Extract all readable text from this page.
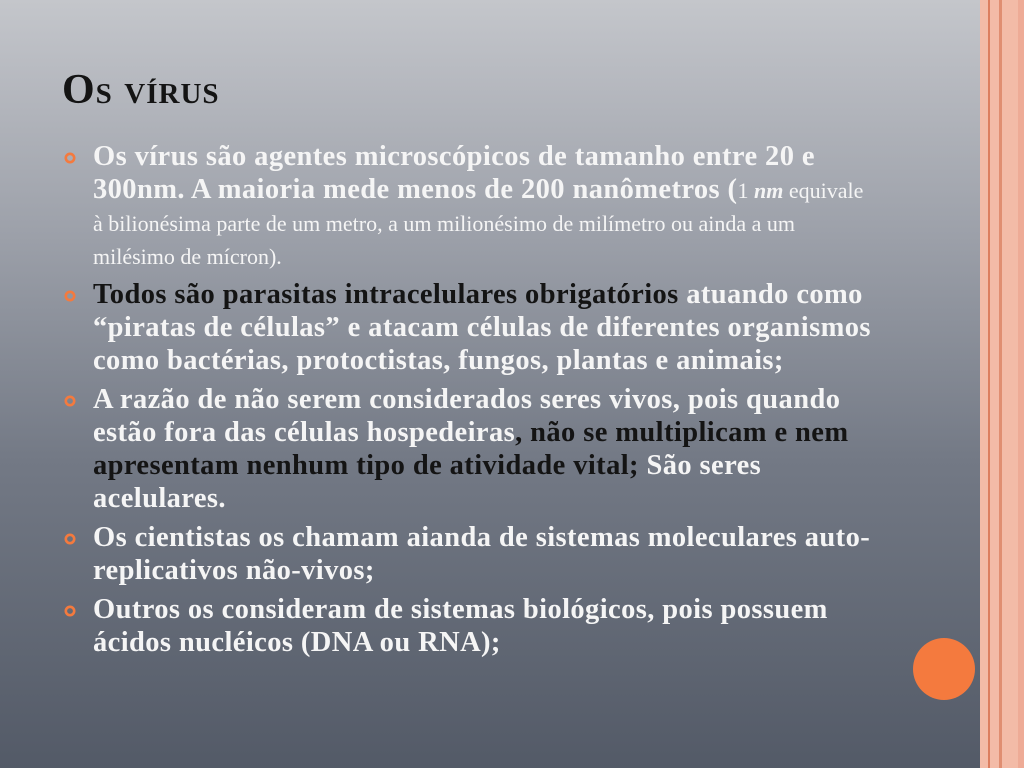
Os vírus
Os vírus são agentes microscópicos de tamanho entre 20 e 300nm. A maioria mede menos de 200 nanômetros (1 nm equivale à bilionésima parte de um metro, a um milionésimo de milímetro ou ainda a um milésimo de mícron).
Todos são parasitas intracelulares obrigatórios atuando como “piratas de células” e atacam células de diferentes organismos como bactérias, protoctistas, fungos, plantas e animais;
A razão de não serem considerados seres vivos, pois quando estão fora das células hospedeiras, não se multiplicam e nem apresentam nenhum tipo de atividade vital; São seres acelulares.
Os cientistas os chamam aianda de sistemas moleculares auto-replicativos não-vivos;
Outros os consideram de sistemas biológicos, pois possuem ácidos nucléicos (DNA ou RNA);
